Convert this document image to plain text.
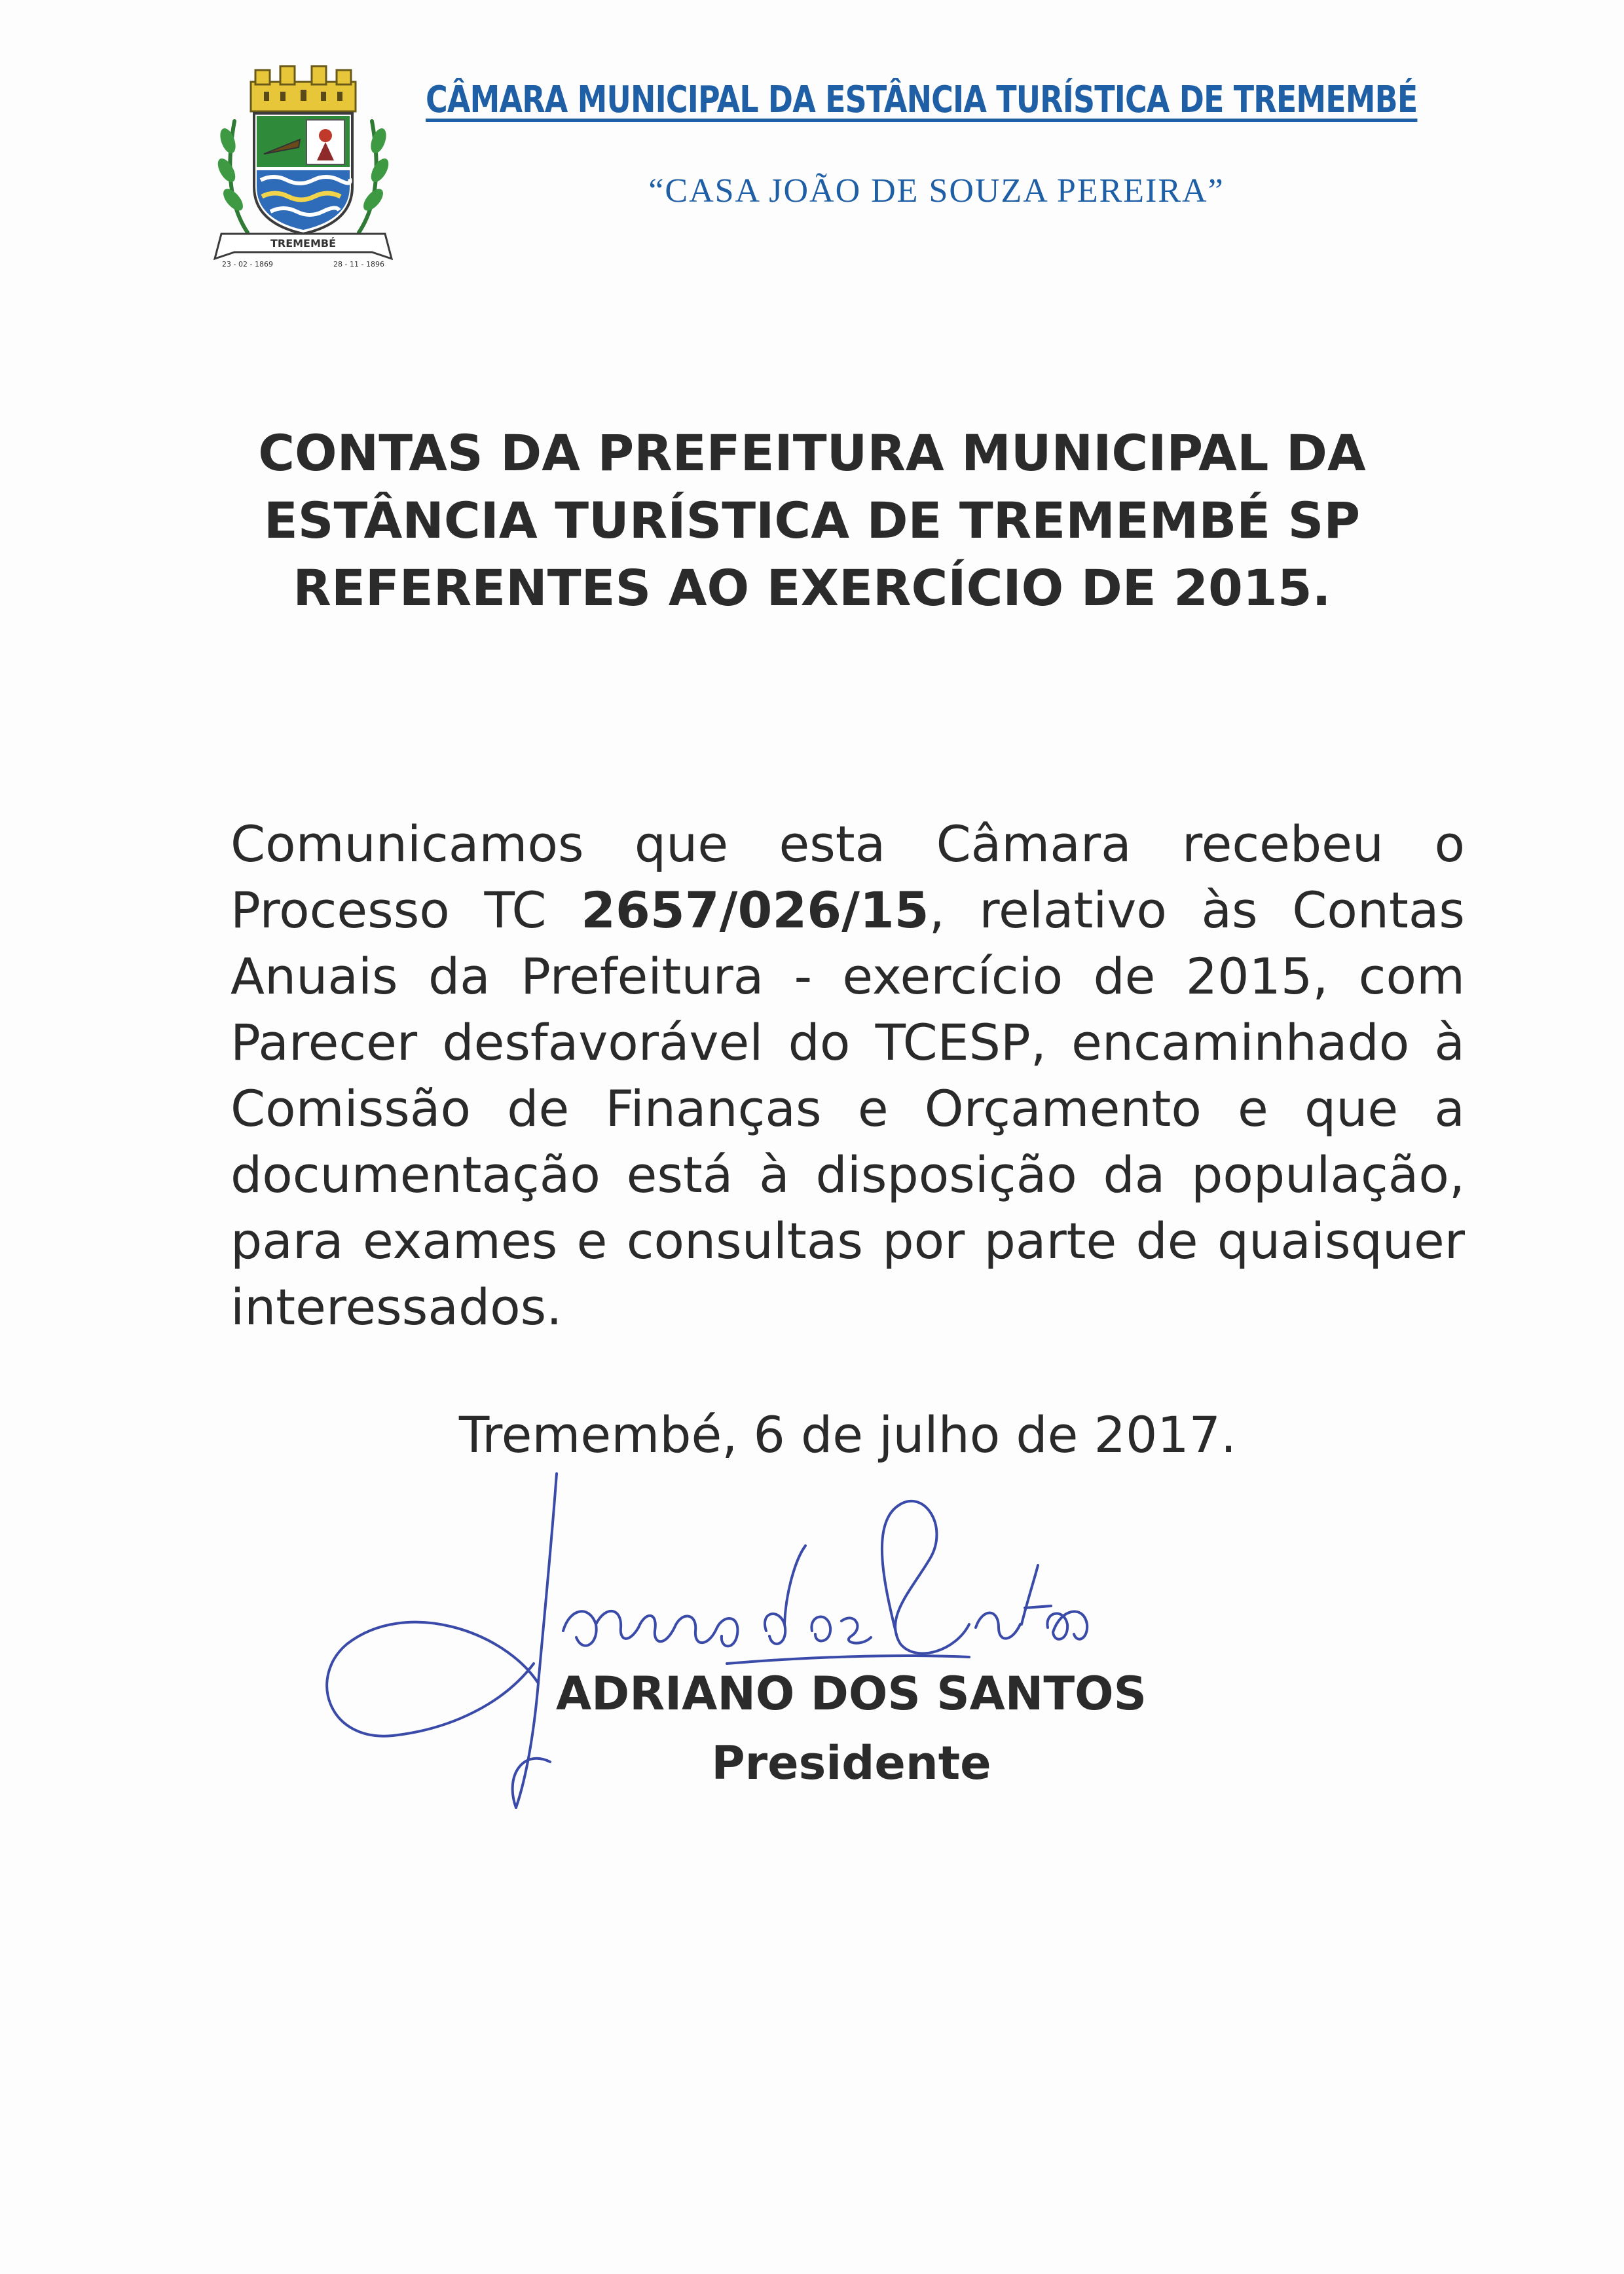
TREMEMBÉ
23 - 02 - 1869	28 - 11 - 1896
CÂMARA MUNICIPAL DA ESTÂNCIA TURÍSTICA DE TREMEMBÉ
“CASA JOÃO DE SOUZA PEREIRA”
CONTAS DA PREFEITURA MUNICIPAL DA
ESTÂNCIA TURÍSTICA DE TREMEMBÉ SP
REFERENTES AO EXERCÍCIO DE 2015.
Comunicamos que esta Câmara recebeu o Processo TC 2657/026/15, relativo às Contas Anuais da Prefeitura - exercício de 2015, com Parecer desfavorável do TCESP, encaminhado à Comissão de Finanças e Orçamento e que a documentação está à disposição da população, para exames e consultas por parte de quaisquer interessados.
Tremembé, 6 de julho de 2017.
ADRIANO DOS SANTOS
Presidente
